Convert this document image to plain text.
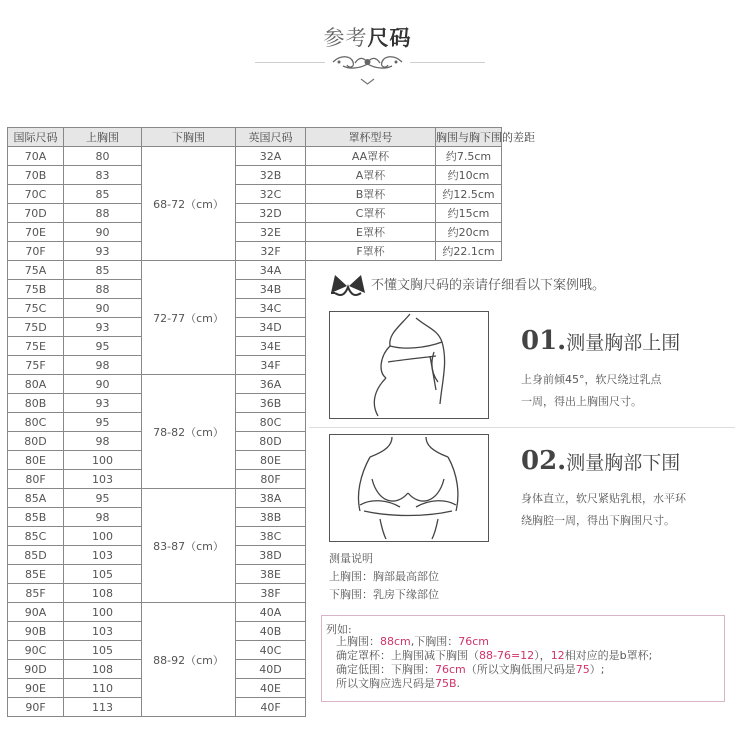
参考尺码
国际尺码	上胸围	下胸围	英国尺码	罩杯型号	胸围与胸下围的差距
70A	80	68-72（cm）	32A	AA罩杯	约7.5cm
70B	83		32B	A罩杯	约10cm
70C	85		32C	B罩杯	约12.5cm
70D	88		32D	C罩杯	约15cm
70E	90		32E	E罩杯	约20cm
70F	93		32F	F罩杯	约22.1cm
75A	85	72-77（cm）	34A		
75B	88		34B		
75C	90		34C		
75D	93		34D		
75E	95		34E		
75F	98		34F		
80A	90	78-82（cm）	36A		
80B	93		36B		
80C	95		80C		
80D	98		80D		
80E	100		80E		
80F	103		80F		
85A	95	83-87（cm）	38A		
85B	98		38B		
85C	100		38C		
85D	103		38D		
85E	105		38E		
85F	108		38F		
90A	100	88-92（cm）	40A		
90B	103		40B		
90C	105		40C		
90D	108		40D		
90E	110		40E		
90F	113		40F		
不懂文胸尺码的亲请仔细看以下案例哦。
01.测量胸部上围
上身前倾45°，软尺绕过乳点
一周，得出上胸围尺寸。
02.测量胸部下围
身体直立，软尺紧贴乳根，水平环
绕胸腔一周，得出下胸围尺寸。
测量说明
上胸围：胸部最高部位
下胸围：乳房下缘部位
列如:
上胸围：88cm,下胸围：76cm
确定罩杯：上胸围减下胸围（88-76=12），12相对应的是b罩杯;
确定低围：下胸围：76cm（所以文胸低围尺码是75）;
所以文胸应选尺码是75B.
